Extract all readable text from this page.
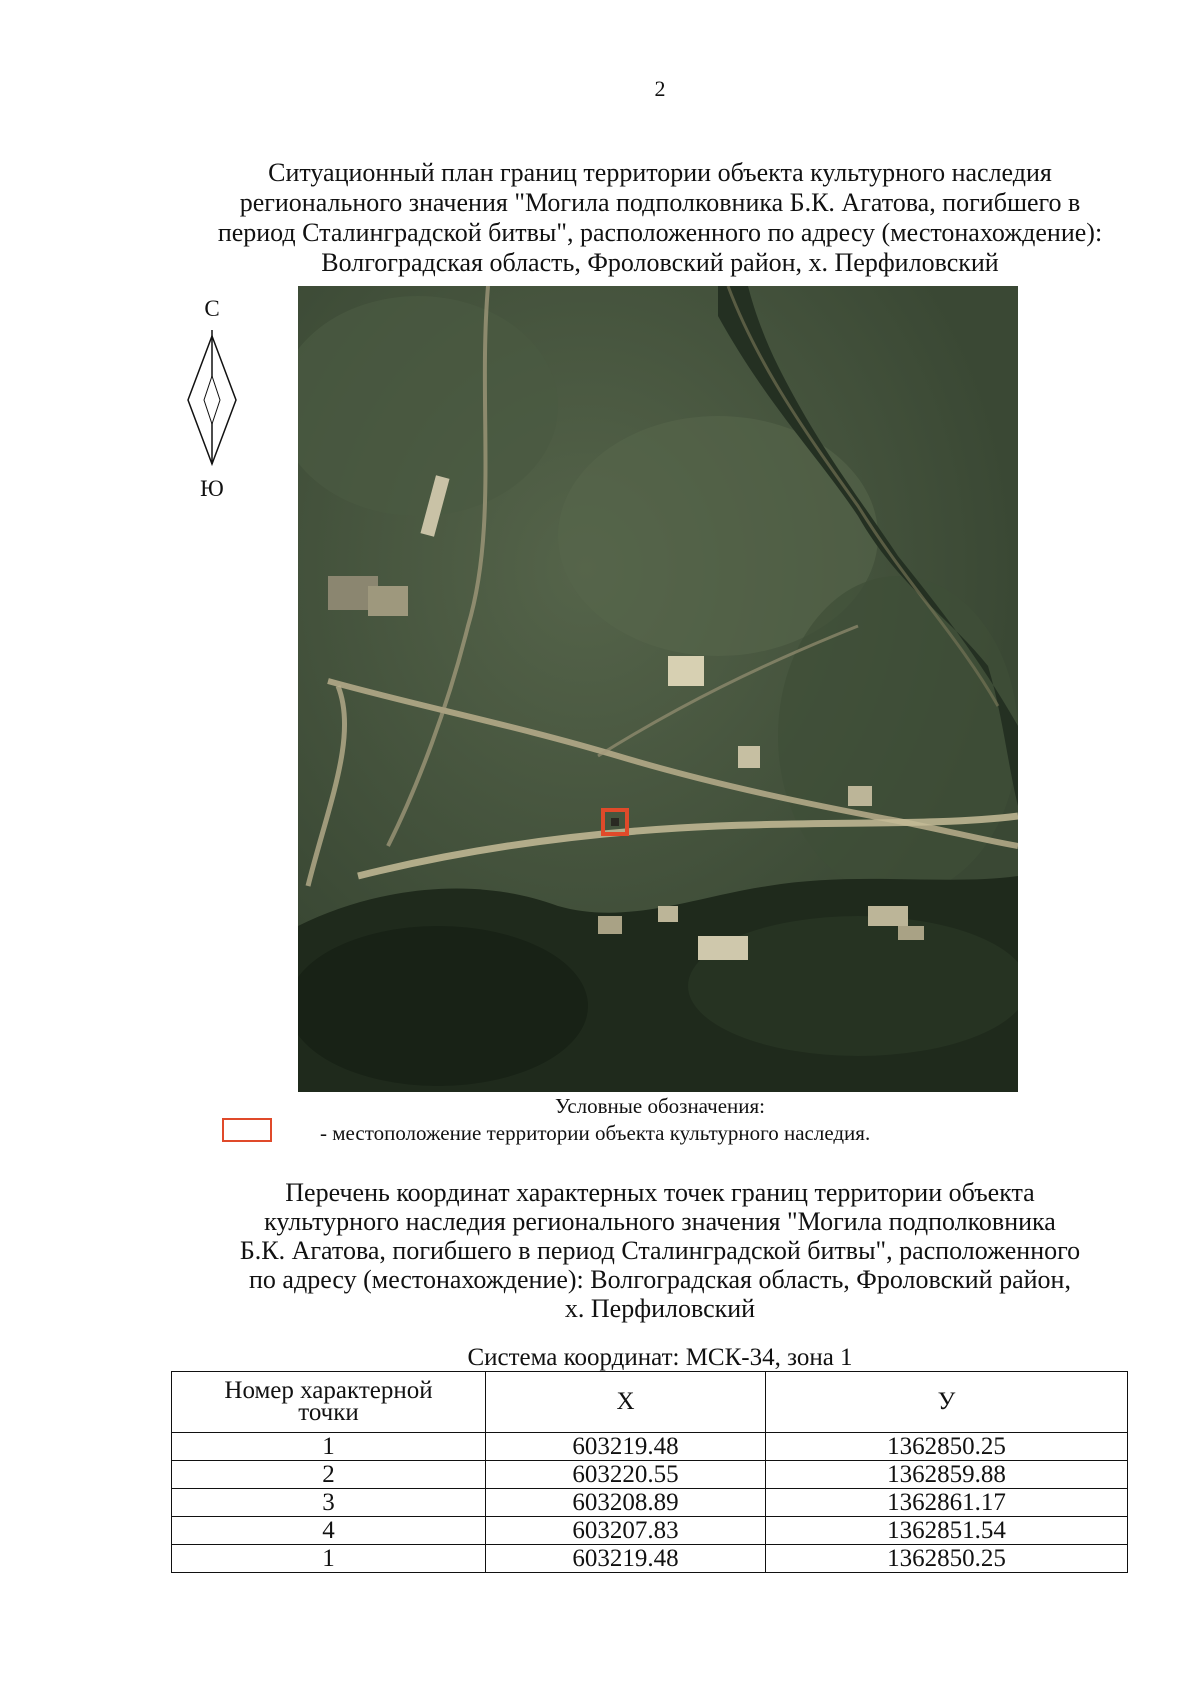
2
Ситуационный план границ территории объекта культурного наследия
регионального значения "Могила подполковника Б.К. Агатова, погибшего в
период Сталинградской битвы", расположенного по адресу (местонахождение):
Волгоградская область, Фроловский район, х. Перфиловский
С
Ю
Условные обозначения:
- местоположение территории объекта культурного наследия.
Перечень координат характерных точек границ территории объекта
культурного наследия регионального значения "Могила подполковника
Б.К. Агатова, погибшего в период Сталинградской битвы", расположенного
по адресу (местонахождение): Волгоградская область, Фроловский район,
х. Перфиловский
Система координат: МСК-34, зона 1
Номер характерной точки	X	У
1	603219.48	1362850.25
2	603220.55	1362859.88
3	603208.89	1362861.17
4	603207.83	1362851.54
1	603219.48	1362850.25
